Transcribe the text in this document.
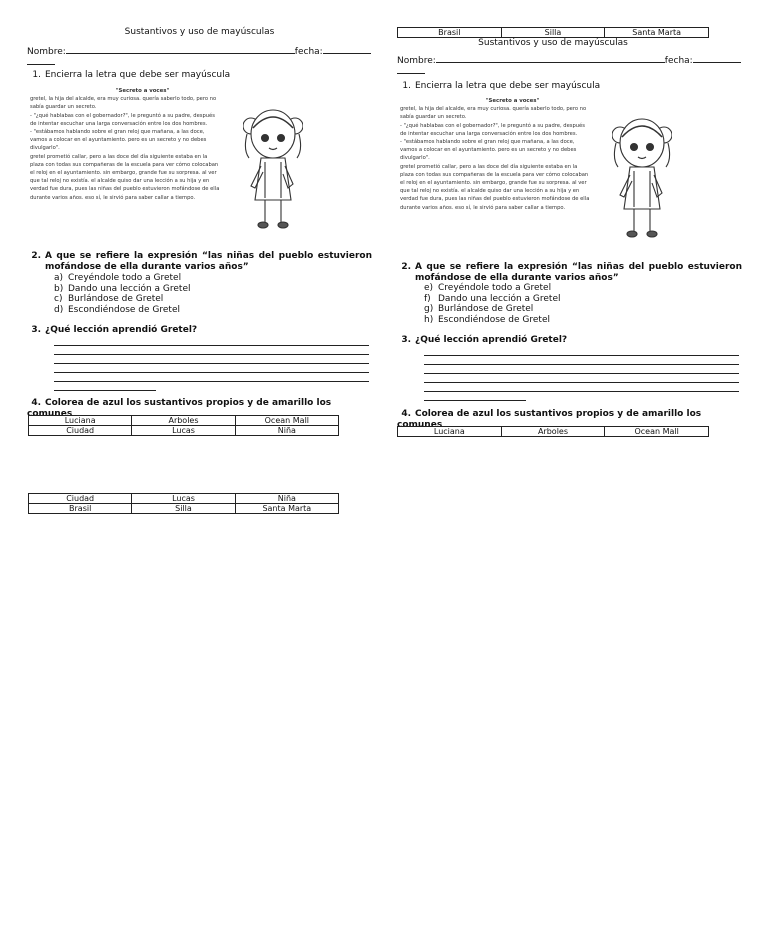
Sustantivos y uso de mayúsculas
Nombre:	fecha:
1. Encierra la letra que debe ser mayúscula
"Secreto a voces"
gretel, la hija del alcalde, era muy curiosa. quería saberlo todo, pero no
sabía guardar un secreto.
- "¿qué hablabas con el gobernador?", le preguntó a su padre, después
de intentar escuchar una larga conversación entre los dos hombres.
- "estábamos hablando sobre el gran reloj que mañana, a las doce,
vamos a colocar en el ayuntamiento. pero es un secreto y no debes
divulgarlo".
gretel prometió callar, pero a las doce del día siguiente estaba en la
plaza con todas sus compañeras de la escuela para ver cómo colocaban
el reloj en el ayuntamiento. sin embargo, grande fue su sorpresa. al ver
que tal reloj no existía. el alcalde quiso dar una lección a su hija y en
verdad fue dura, pues las niñas del pueblo estuvieron mofándose de ella
durante varios años. eso sí, le sirvió para saber callar a tiempo.
2. A que se refiere la expresión “las niñas del pueblo estuvieron mofándose de ella durante varios años”
a) Creyéndole todo a Gretel
b) Dando una lección a Gretel
c) Burlándose de Gretel
d) Escondiéndose de Gretel
3. ¿Qué lección aprendió Gretel?
4. Colorea de azul los sustantivos propios y de amarillo los comunes
Luciana	Arboles	Ocean Mall
Ciudad	Lucas	Niña
Ciudad	Lucas	Niña
Brasil	Silla	Santa Marta
Brasil	Silla	Santa Marta
Sustantivos y uso de mayúsculas
Nombre:	fecha:
1. Encierra la letra que debe ser mayúscula
"Secreto a voces"
gretel, la hija del alcalde, era muy curiosa. quería saberlo todo, pero no
sabía guardar un secreto.
- "¿qué hablabas con el gobernador?", le preguntó a su padre, después
de intentar escuchar una larga conversación entre los dos hombres.
- "estábamos hablando sobre el gran reloj que mañana, a las doce,
vamos a colocar en el ayuntamiento. pero es un secreto y no debes
divulgarlo".
gretel prometió callar, pero a las doce del día siguiente estaba en la
plaza con todas sus compañeras de la escuela para ver cómo colocaban
el reloj en el ayuntamiento. sin embargo, grande fue su sorpresa. al ver
que tal reloj no existía. el alcalde quiso dar una lección a su hija y en
verdad fue dura, pues las niñas del pueblo estuvieron mofándose de ella
durante varios años. eso sí, le sirvió para saber callar a tiempo.
2. A que se refiere la expresión “las niñas del pueblo estuvieron mofándose de ella durante varios años”
e) Creyéndole todo a Gretel
f) Dando una lección a Gretel
g) Burlándose de Gretel
h) Escondiéndose de Gretel
3. ¿Qué lección aprendió Gretel?
4. Colorea de azul los sustantivos propios y de amarillo los comunes
Luciana	Arboles	Ocean Mall
